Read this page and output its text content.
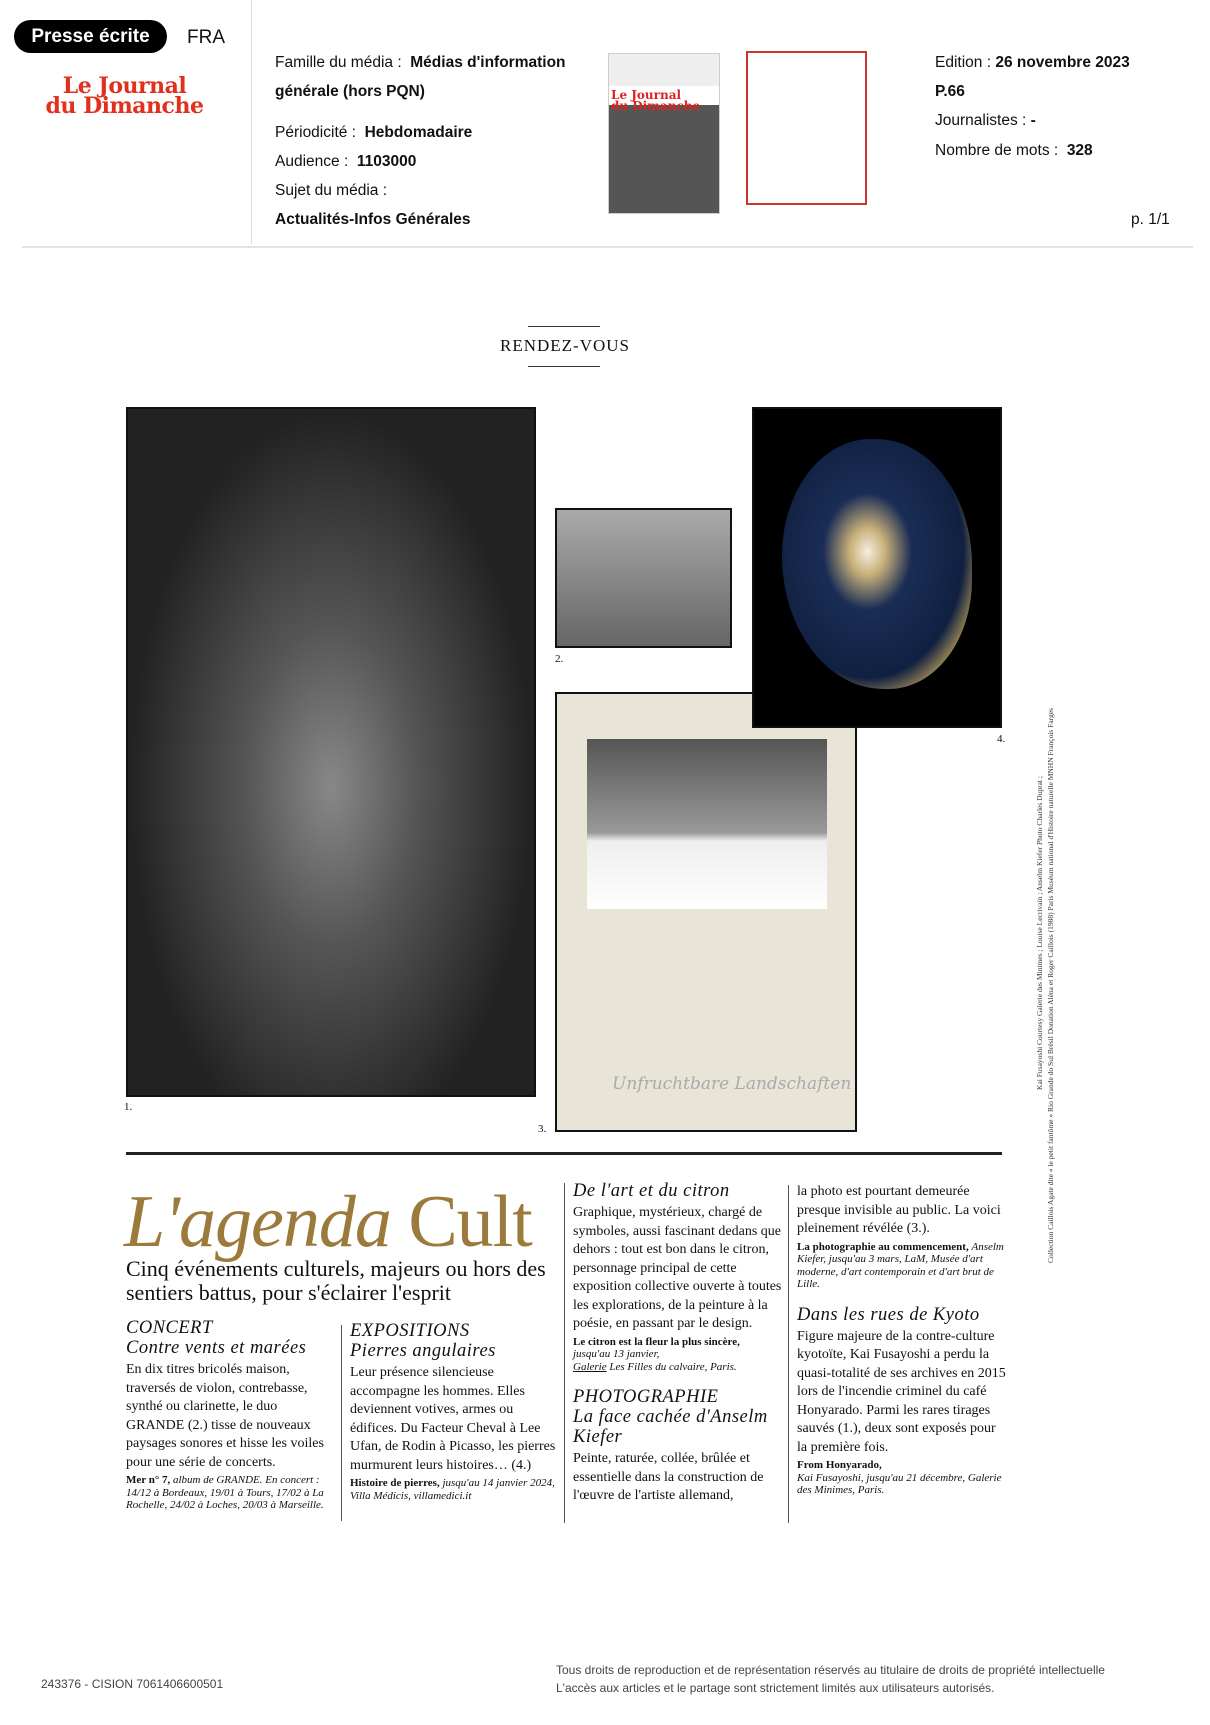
Presse écrite	FRA
Le Journal
du Dimanche
Famille du média : Médias d'information
générale (hors PQN)
Périodicité : Hebdomadaire
Audience : 1103000
Sujet du média :
Actualités-Infos Générales
Le Journal
du Dimanche
Edition : 26 novembre 2023
P.66
Journalistes : -
Nombre de mots : 328
p. 1/1
RENDEZ-VOUS
1.
2.
Unfruchtbare Landschaften
3.
4.
Kai Fusayoshi Courtesy Galerie des Minimes ; Louise Lecrivain ; Anselm Kiefer Photo Charles Duprat ; Collection Caillois Agate dite « le petit fantôme » Rio Grande do Sul Brésil Donation Aléna et Roger Caillois (1988) Paris Muséum national d'Histoire naturelle MNHN François Farges
L'agenda Cult
Cinq événements culturels, majeurs ou hors des sentiers battus, pour s'éclairer l'esprit
CONCERT
Contre vents et marées

En dix titres bricolés maison, traversés de violon, contrebasse, synthé ou clarinette, le duo GRANDE (2.) tisse de nouveaux paysages sonores et hisse les voiles pour une série de concerts.

Mer n° 7, album de GRANDE. En concert : 14/12 à Bordeaux, 19/01 à Tours, 17/02 à La Rochelle, 24/02 à Loches, 20/03 à Marseille.
EXPOSITIONS
Pierres angulaires

Leur présence silencieuse accompagne les hommes. Elles deviennent votives, armes ou édifices. Du Facteur Cheval à Lee Ufan, de Rodin à Picasso, les pierres murmurent leurs histoires… (4.)

Histoire de pierres, jusqu'au 14 janvier 2024, Villa Médicis, villamedici.it
De l'art et du citron

Graphique, mystérieux, chargé de symboles, aussi fascinant dedans que dehors : tout est bon dans le citron, personnage principal de cette exposition collective ouverte à toutes les explorations, de la peinture à la poésie, en passant par le design.

Le citron est la fleur la plus sincère,
jusqu'au 13 janvier,
Galerie Les Filles du calvaire, Paris.
PHOTOGRAPHIE
La face cachée d'Anselm Kiefer

Peinte, raturée, collée, brûlée et essentielle dans la construction de l'œuvre de l'artiste allemand,

la photo est pourtant demeurée presque invisible au public. La voici pleinement révélée (3.).

La photographie au commencement, Anselm Kiefer, jusqu'au 3 mars, LaM, Musée d'art moderne, d'art contemporain et d'art brut de Lille.
Dans les rues de Kyoto

Figure majeure de la contre-culture kyotoïte, Kai Fusayoshi a perdu la quasi-totalité de ses archives en 2015 lors de l'incendie criminel du café Honyarado. Parmi les rares tirages sauvés (1.), deux sont exposés pour la première fois.

From Honyarado,
Kai Fusayoshi, jusqu'au 21 décembre, Galerie des Minimes, Paris.
243376 - CISION 7061406600501
Tous droits de reproduction et de représentation réservés au titulaire de droits de propriété intellectuelle
L'accès aux articles et le partage sont strictement limités aux utilisateurs autorisés.
